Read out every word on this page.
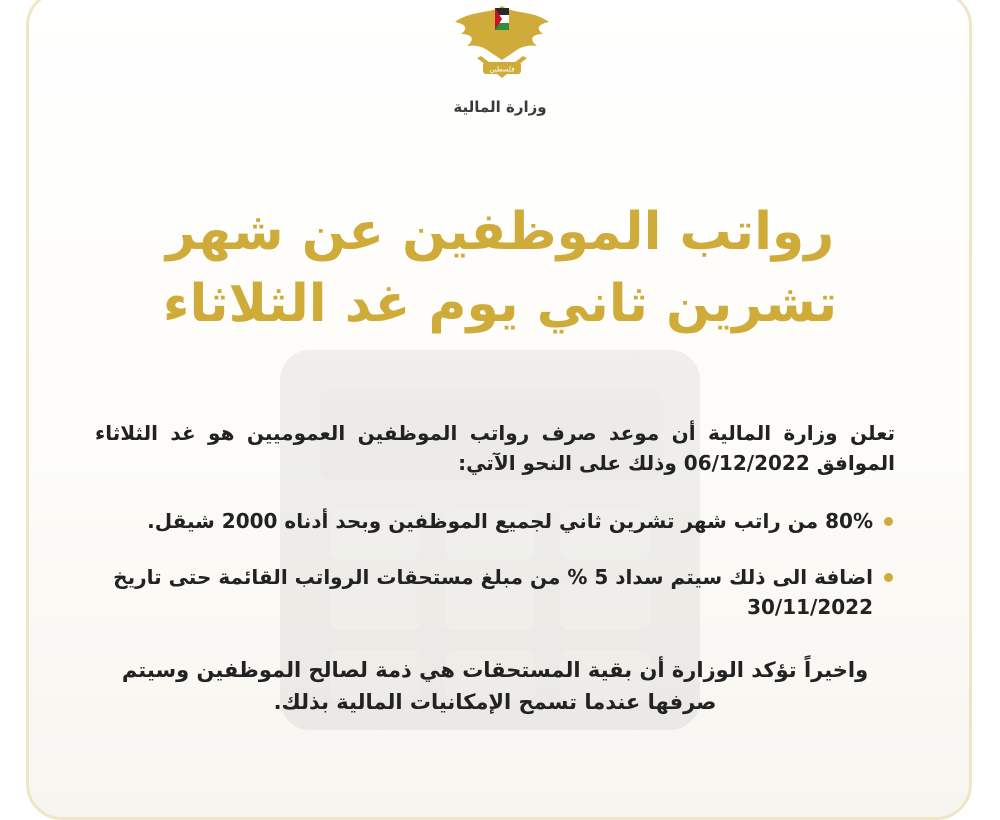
فلسطين
وزارة المالية
رواتب الموظفين عن شهر
تشرين ثاني يوم غد الثلاثاء

تعلن وزارة المالية أن موعد صرف رواتب الموظفين العموميين هو غد الثلاثاء الموافق 06/12/2022 وذلك على النحو الآتي:

80% من راتب شهر تشرين ثاني لجميع الموظفين وبحد أدناه 2000 شيقل.
اضافة الى ذلك سيتم سداد 5 % من مبلغ مستحقات الرواتب القائمة حتى تاريخ 30/11/2022

واخيراً تؤكد الوزارة أن بقية المستحقات هي ذمة لصالح الموظفين وسيتم صرفها عندما تسمح الإمكانيات المالية بذلك.
